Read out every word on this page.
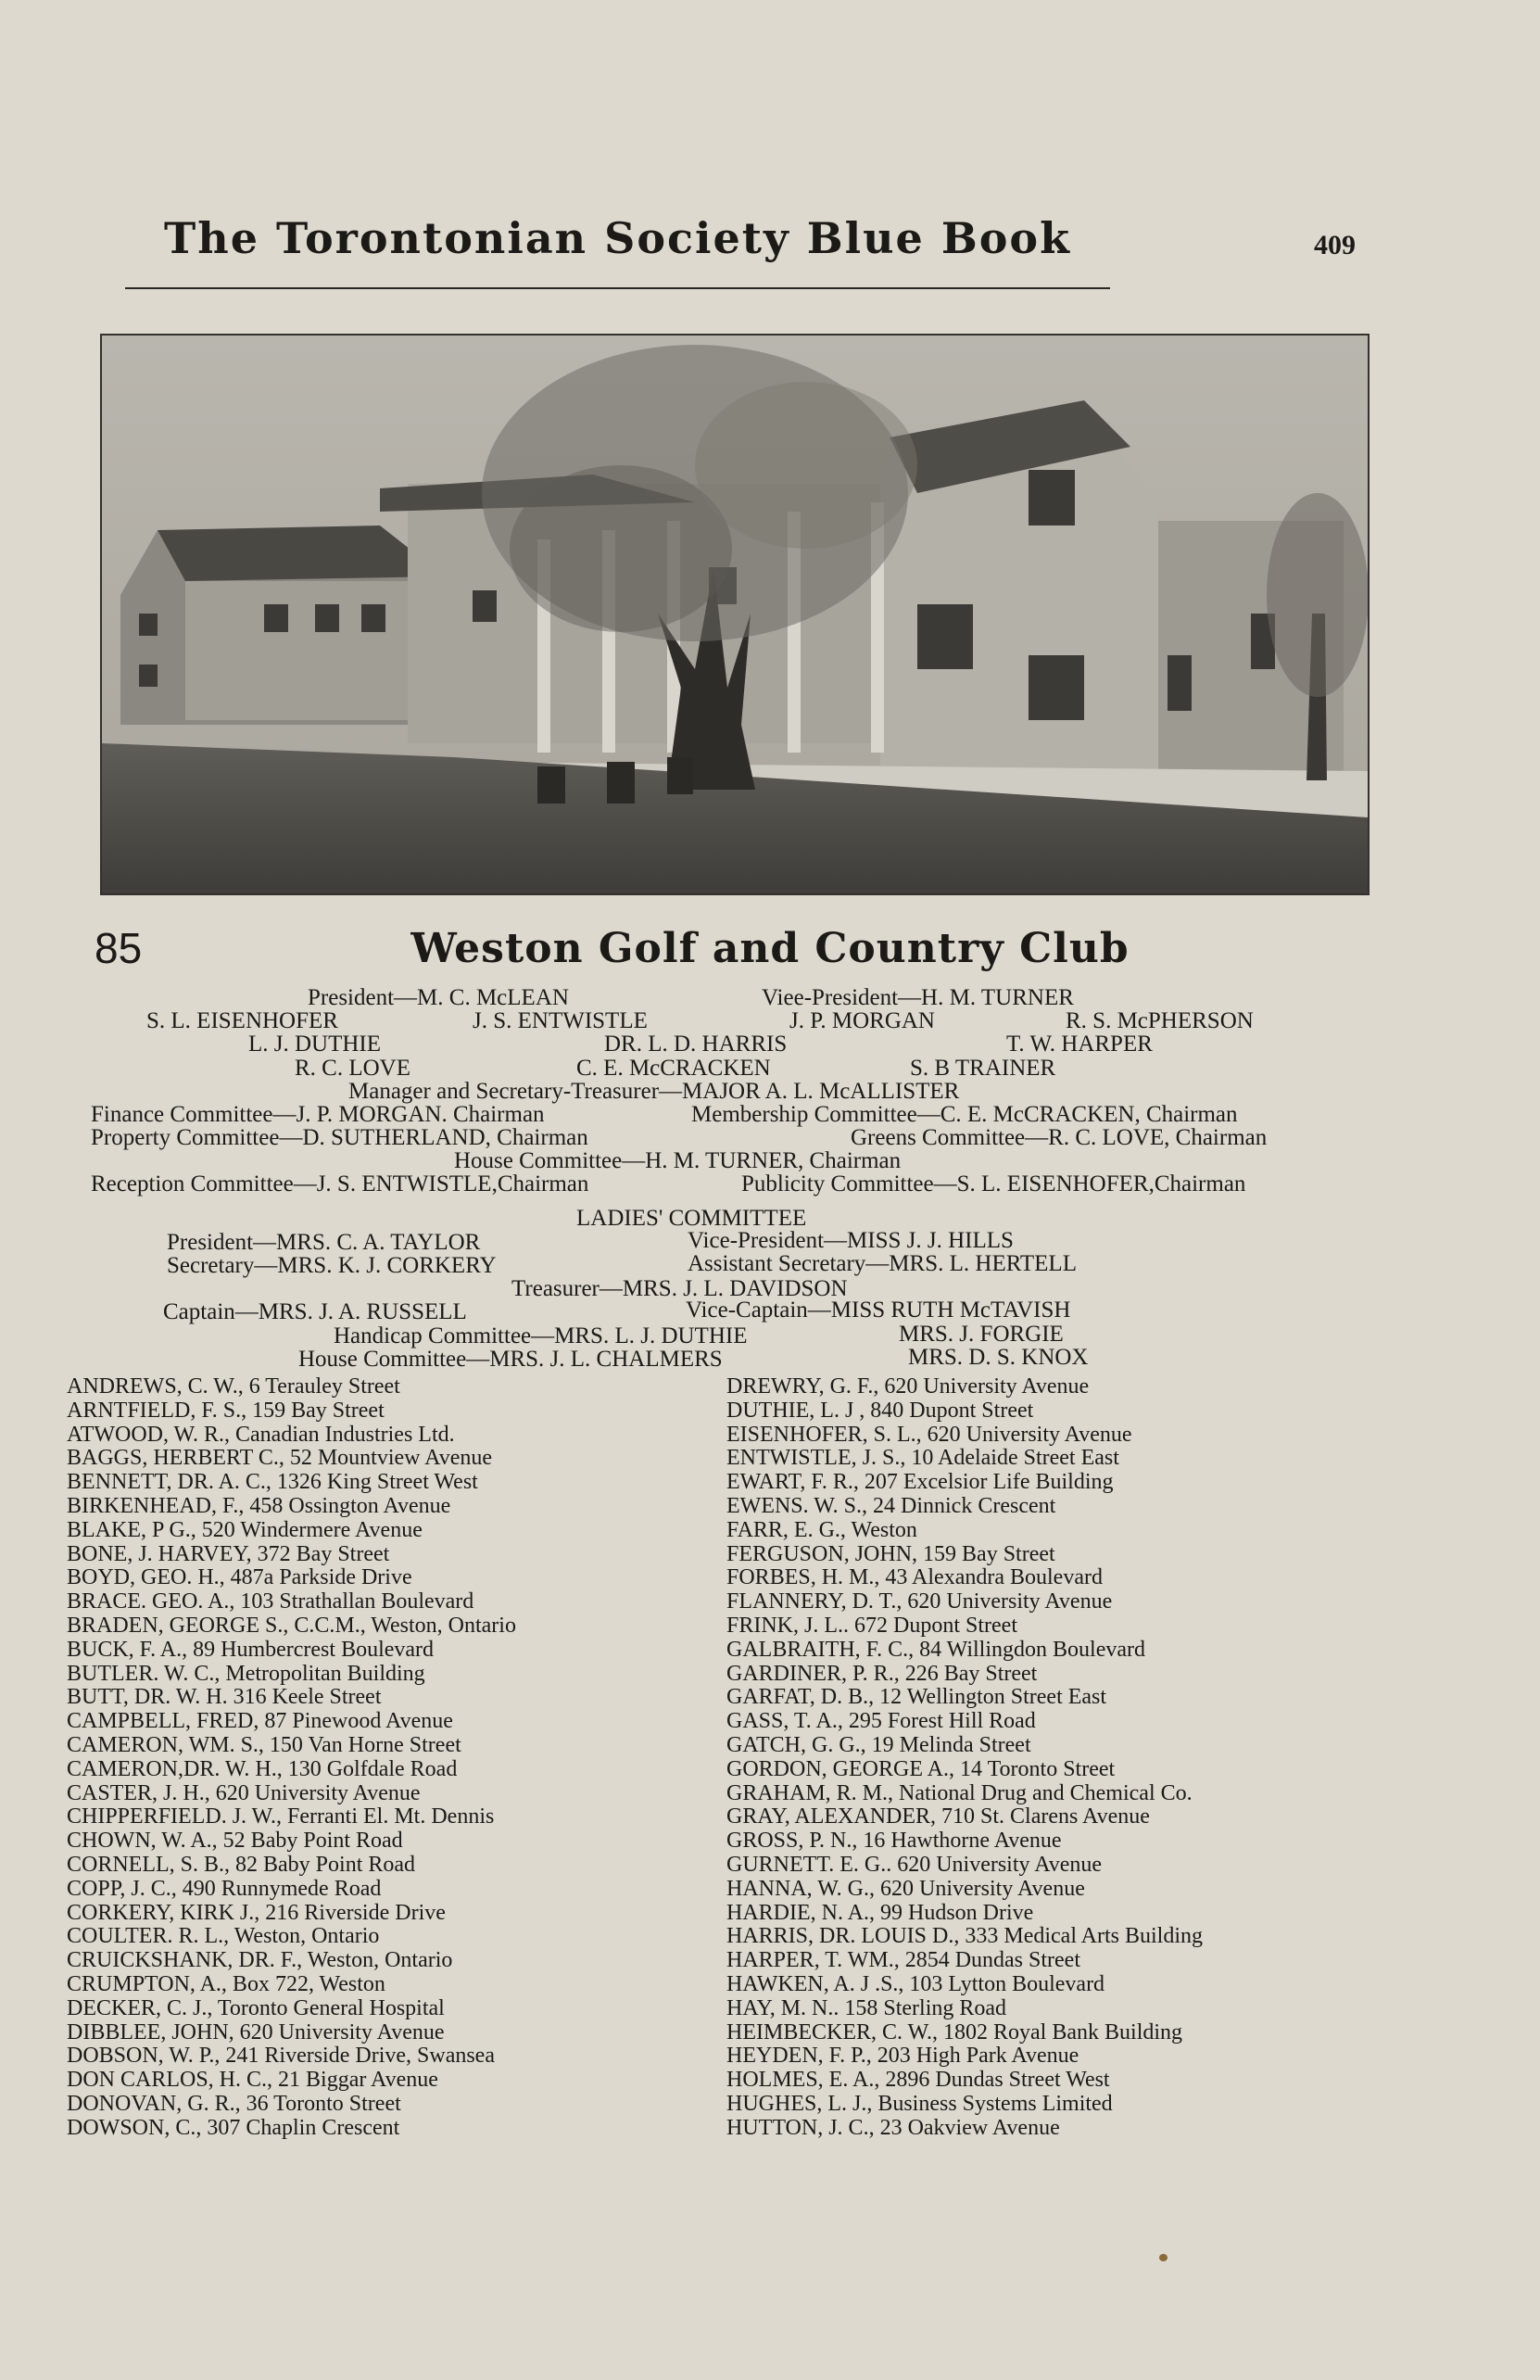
The Torontonian Society Blue Book	409
85	Weston Golf and Country Club
President—M. C. McLEAN	Viee-President—H. M. TURNER
S. L. EISENHOFER	J. S. ENTWISTLE	J. P. MORGAN	R. S. McPHERSON
L. J. DUTHIE	DR. L. D. HARRIS	T. W. HARPER
R. C. LOVE	C. E. McCRACKEN	S. B TRAINER
Manager and Secretary-Treasurer—MAJOR A. L. McALLISTER
Finance Committee—J. P. MORGAN. Chairman	Membership Committee—C. E. McCRACKEN, Chairman
Property Committee—D. SUTHERLAND, Chairman	Greens Committee—R. C. LOVE, Chairman
House Committee—H. M. TURNER, Chairman
Reception Committee—J. S. ENTWISTLE,Chairman	Publicity Committee—S. L. EISENHOFER,Chairman
LADIES' COMMITTEE
President—MRS. C. A. TAYLOR	Vice-President—MISS J. J. HILLS
Secretary—MRS. K. J. CORKERY	Assistant Secretary—MRS. L. HERTELL
Treasurer—MRS. J. L. DAVIDSON
Captain—MRS. J. A. RUSSELL	Vice-Captain—MISS RUTH McTAVISH
Handicap Committee—MRS. L. J. DUTHIE	MRS. J. FORGIE
House Committee—MRS. J. L. CHALMERS	MRS. D. S. KNOX
ANDREWS, C. W., 6 Terauley Street
ARNTFIELD, F. S., 159 Bay Street
ATWOOD, W. R., Canadian Industries Ltd.
BAGGS, HERBERT C., 52 Mountview Avenue
BENNETT, DR. A. C., 1326 King Street West
BIRKENHEAD, F., 458 Ossington Avenue
BLAKE, P G., 520 Windermere Avenue
BONE, J. HARVEY, 372 Bay Street
BOYD, GEO. H., 487a Parkside Drive
BRACE. GEO. A., 103 Strathallan Boulevard
BRADEN, GEORGE S., C.C.M., Weston, Ontario
BUCK, F. A., 89 Humbercrest Boulevard
BUTLER. W. C., Metropolitan Building
BUTT, DR. W. H. 316 Keele Street
CAMPBELL, FRED, 87 Pinewood Avenue
CAMERON, WM. S., 150 Van Horne Street
CAMERON,DR. W. H., 130 Golfdale Road
CASTER, J. H., 620 University Avenue
CHIPPERFIELD. J. W., Ferranti El. Mt. Dennis
CHOWN, W. A., 52 Baby Point Road
CORNELL, S. B., 82 Baby Point Road
COPP, J. C., 490 Runnymede Road
CORKERY, KIRK J., 216 Riverside Drive
COULTER. R. L., Weston, Ontario
CRUICKSHANK, DR. F., Weston, Ontario
CRUMPTON, A., Box 722, Weston
DECKER, C. J., Toronto General Hospital
DIBBLEE, JOHN, 620 University Avenue
DOBSON, W. P., 241 Riverside Drive, Swansea
DON CARLOS, H. C., 21 Biggar Avenue
DONOVAN, G. R., 36 Toronto Street
DOWSON, C., 307 Chaplin Crescent
DREWRY, G. F., 620 University Avenue
DUTHIE, L. J , 840 Dupont Street
EISENHOFER, S. L., 620 University Avenue
ENTWISTLE, J. S., 10 Adelaide Street East
EWART, F. R., 207 Excelsior Life Building
EWENS. W. S., 24 Dinnick Crescent
FARR, E. G., Weston
FERGUSON, JOHN, 159 Bay Street
FORBES, H. M., 43 Alexandra Boulevard
FLANNERY, D. T., 620 University Avenue
FRINK, J. L.. 672 Dupont Street
GALBRAITH, F. C., 84 Willingdon Boulevard
GARDINER, P. R., 226 Bay Street
GARFAT, D. B., 12 Wellington Street East
GASS, T. A., 295 Forest Hill Road
GATCH, G. G., 19 Melinda Street
GORDON, GEORGE A., 14 Toronto Street
GRAHAM, R. M., National Drug and Chemical Co.
GRAY, ALEXANDER, 710 St. Clarens Avenue
GROSS, P. N., 16 Hawthorne Avenue
GURNETT. E. G.. 620 University Avenue
HANNA, W. G., 620 University Avenue
HARDIE, N. A., 99 Hudson Drive
HARRIS, DR. LOUIS D., 333 Medical Arts Building
HARPER, T. WM., 2854 Dundas Street
HAWKEN, A. J .S., 103 Lytton Boulevard
HAY, M. N.. 158 Sterling Road
HEIMBECKER, C. W., 1802 Royal Bank Building
HEYDEN, F. P., 203 High Park Avenue
HOLMES, E. A., 2896 Dundas Street West
HUGHES, L. J., Business Systems Limited
HUTTON, J. C., 23 Oakview Avenue
